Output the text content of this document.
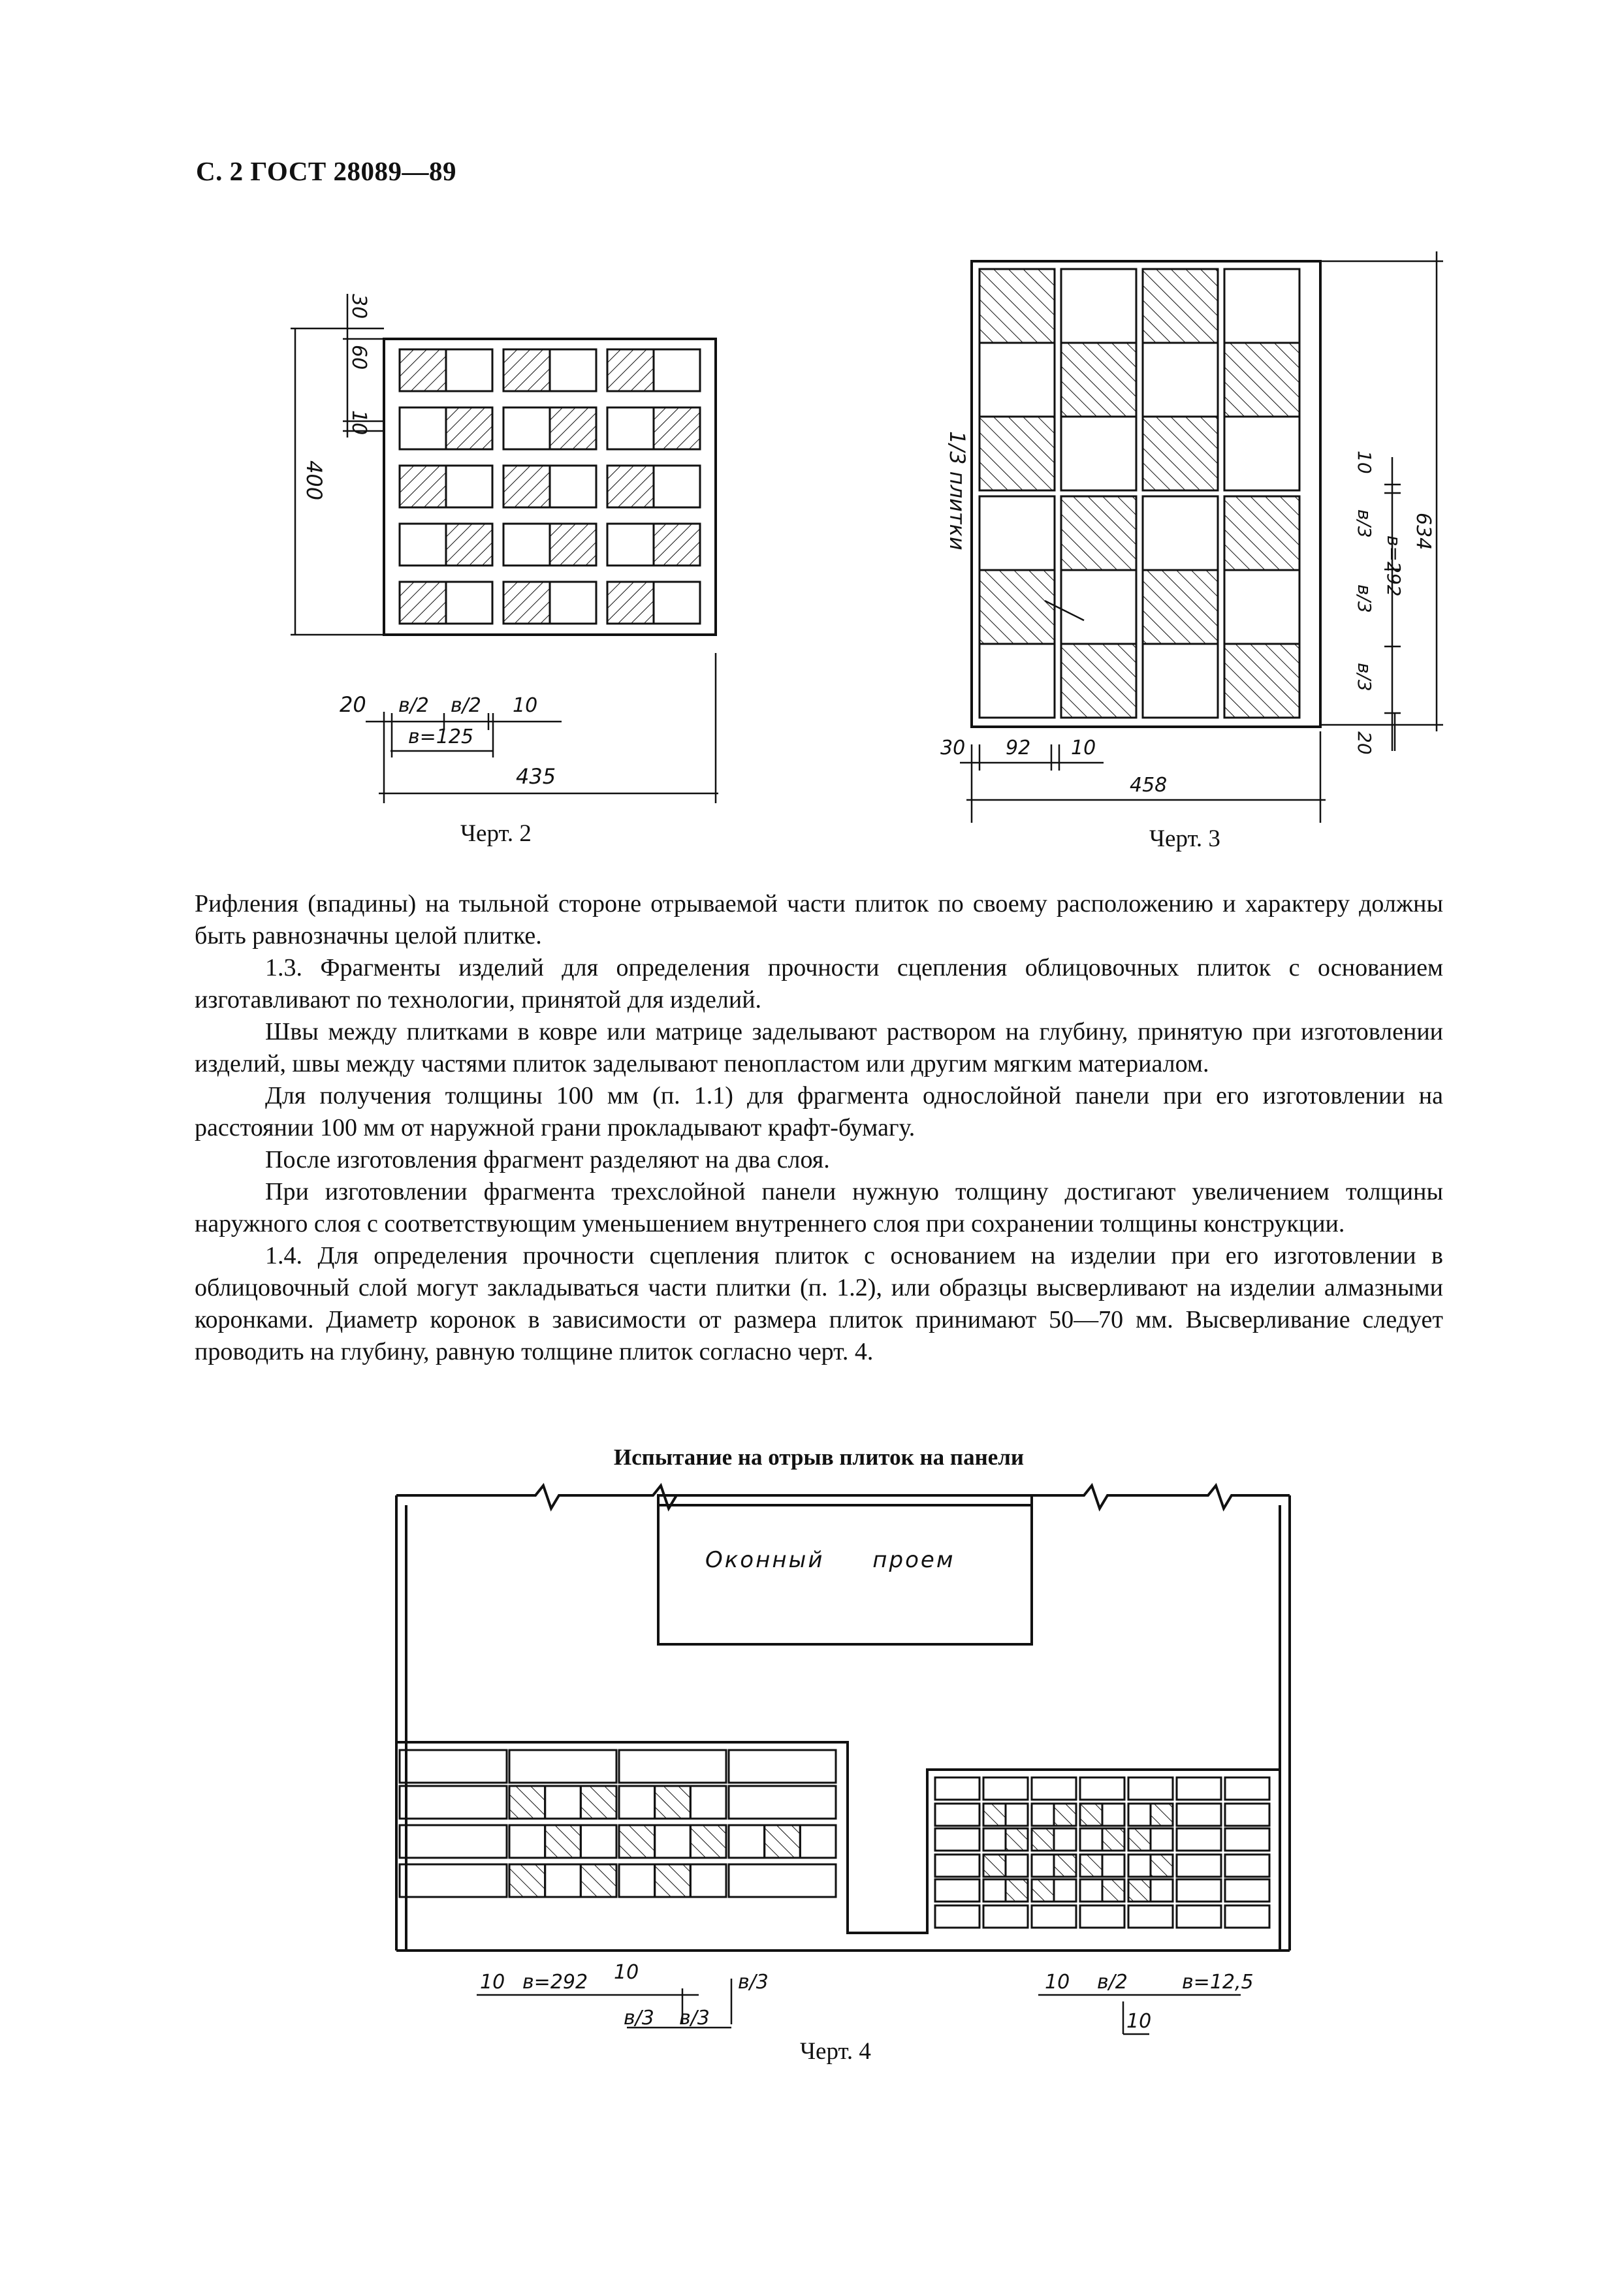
С. 2 ГОСТ 28089—89
30
60
10
400
20 в/2 в/2 10
в=125
435
Черт. 2
1/3 плитки	10
в/3
в/3
в/3
в=292
634
20
30 92 10
458
Черт. 3

Рифления (впадины) на тыльной стороне отрываемой части плиток по своему расположению и характеру должны быть равнозначны целой плитке.

1.3. Фрагменты изделий для определения прочности сцепления облицовочных плиток с основанием изготавливают по технологии, принятой для изделий.

Швы между плитками в ковре или матрице заделывают раствором на глубину, принятую при изготовлении изделий, швы между частями плиток заделывают пенопластом или другим мягким материалом.

Для получения толщины 100 мм (п. 1.1) для фрагмента однослойной панели при его изготовлении на расстоянии 100 мм от наружной грани прокладывают крафт-бумагу.

После изготовления фрагмент разделяют на два слоя.

При изготовлении фрагмента трехслойной панели нужную толщину достигают увеличением толщины наружного слоя с соответствующим уменьшением внутреннего слоя при сохранении толщины конструкции.

1.4. Для определения прочности сцепления плиток с основанием на изделии при его изготовлении в облицовочный слой могут закладываться части плитки (п. 1.2), или образцы высверливают на изделии алмазными коронками. Диаметр коронок в зависимости от размера плиток принимают 50—70 мм. Высверливание следует проводить на глубину, равную толщине плиток согласно черт. 4.

Испытание на отрыв плиток на панели
Оконный проем
10 в=292 10	в/3
в/3 в/3
10 в/2	в=12,5
10
Черт. 4
